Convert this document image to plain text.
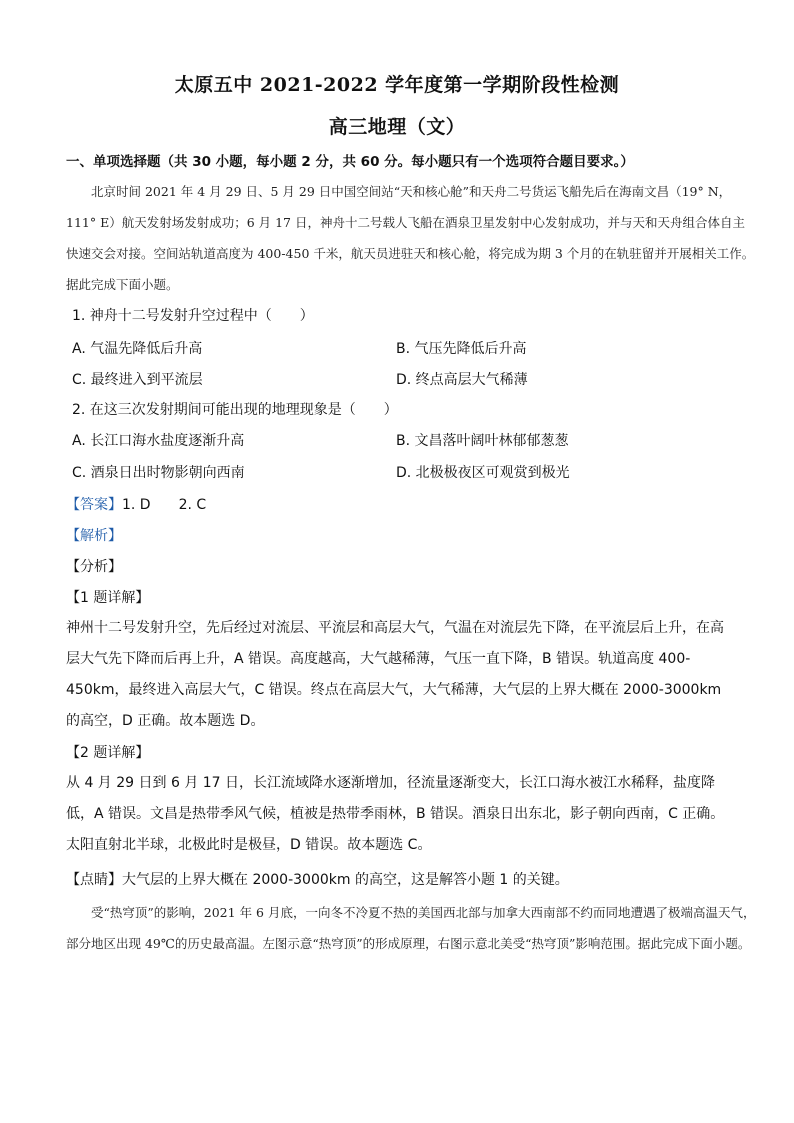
太原五中 2021-2022 学年度第一学期阶段性检测
高三地理（文）
一、单项选择题（共 30 小题，每小题 2 分，共 60 分。每小题只有一个选项符合题目要求。）

北京时间 2021 年 4 月 29 日、5 月 29 日中国空间站“天和核心舱”和天舟二号货运飞船先后在海南文昌（19° N，111° E）航天发射场发射成功；6 月 17 日，神舟十二号载人飞船在酒泉卫星发射中心发射成功，并与天和天舟组合体自主快速交会对接。空间站轨道高度为 400-450 千米，航天员进驻天和核心舱，将完成为期 3 个月的在轨驻留并开展相关工作。据此完成下面小题。

1. 神舟十二号发射升空过程中（　　）
A. 气温先降低后升高	B. 气压先降低后升高
C. 最终进入到平流层	D. 终点高层大气稀薄
2. 在这三次发射期间可能出现的地理现象是（　　）
A. 长江口海水盐度逐渐升高	B. 文昌落叶阔叶林郁郁葱葱
C. 酒泉日出时物影朝向西南	D. 北极极夜区可观赏到极光
【答案】1. D　　2. C
【解析】
【分析】
【1 题详解】

神州十二号发射升空，先后经过对流层、平流层和高层大气，气温在对流层先下降，在平流层后上升，在高层大气先下降而后再上升，A 错误。高度越高，大气越稀薄，气压一直下降，B 错误。轨道高度 400-450km，最终进入高层大气，C 错误。终点在高层大气，大气稀薄，大气层的上界大概在 2000-3000km 的高空，D 正确。故本题选 D。

【2 题详解】

从 4 月 29 日到 6 月 17 日，长江流域降水逐渐增加，径流量逐渐变大，长江口海水被江水稀释，盐度降低，A 错误。文昌是热带季风气候，植被是热带季雨林，B 错误。酒泉日出东北，影子朝向西南，C 正确。太阳直射北半球，北极此时是极昼，D 错误。故本题选 C。

【点睛】大气层的上界大概在 2000-3000km 的高空，这是解答小题 1 的关键。

受“热穹顶”的影响，2021 年 6 月底，一向冬不冷夏不热的美国西北部与加拿大西南部不约而同地遭遇了极端高温天气，部分地区出现 49℃的历史最高温。左图示意“热穹顶”的形成原理，右图示意北美受“热穹顶”影响范围。据此完成下面小题。
